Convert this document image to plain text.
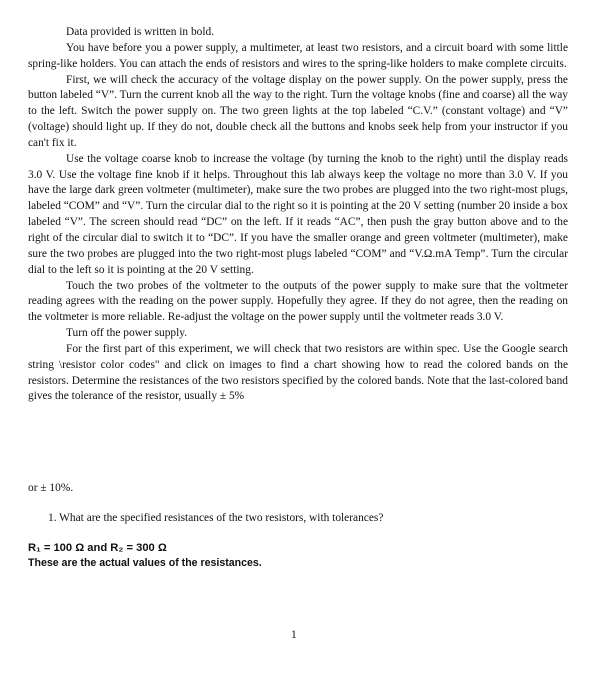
Data provided is written in bold.

You have before you a power supply, a multimeter, at least two resistors, and a circuit board with some little spring-like holders. You can attach the ends of resistors and wires to the spring-like holders to make complete circuits.

First, we will check the accuracy of the voltage display on the power supply. On the power supply, press the button labeled “V”. Turn the current knob all the way to the right. Turn the voltage knobs (fine and coarse) all the way to the left. Switch the power supply on. The two green lights at the top labeled “C.V.” (constant voltage) and “V” (voltage) should light up. If they do not, double check all the buttons and knobs seek help from your instructor if you can't fix it.

Use the voltage coarse knob to increase the voltage (by turning the knob to the right) until the display reads 3.0 V. Use the voltage fine knob if it helps. Throughout this lab always keep the voltage no more than 3.0 V. If you have the large dark green voltmeter (multimeter), make sure the two probes are plugged into the two right-most plugs, labeled “COM” and “V”. Turn the circular dial to the right so it is pointing at the 20 V setting (number 20 inside a box labeled “V”. The screen should read “DC” on the left. If it reads “AC”, then push the gray button above and to the right of the circular dial to switch it to “DC”. If you have the smaller orange and green voltmeter (multimeter), make sure the two probes are plugged into the two right-most plugs labeled “COM” and “V.Ω.mA Temp”. Turn the circular dial to the left so it is pointing at the 20 V setting.

Touch the two probes of the voltmeter to the outputs of the power supply to make sure that the voltmeter reading agrees with the reading on the power supply. Hopefully they agree. If they do not agree, then the reading on the voltmeter is more reliable. Re-adjust the voltage on the power supply until the voltmeter reads 3.0 V.

Turn off the power supply.

For the first part of this experiment, we will check that two resistors are within spec. Use the Google search string \resistor color codes" and click on images to find a chart showing how to read the colored bands on the resistors. Determine the resistances of the two resistors specified by the colored bands. Note that the last-colored band gives the tolerance of the resistor, usually ± 5%

or ± 10%.
1. What are the specified resistances of the two resistors, with tolerances?
R₁ = 100 Ω and R₂ = 300 Ω
These are the actual values of the resistances.
1
